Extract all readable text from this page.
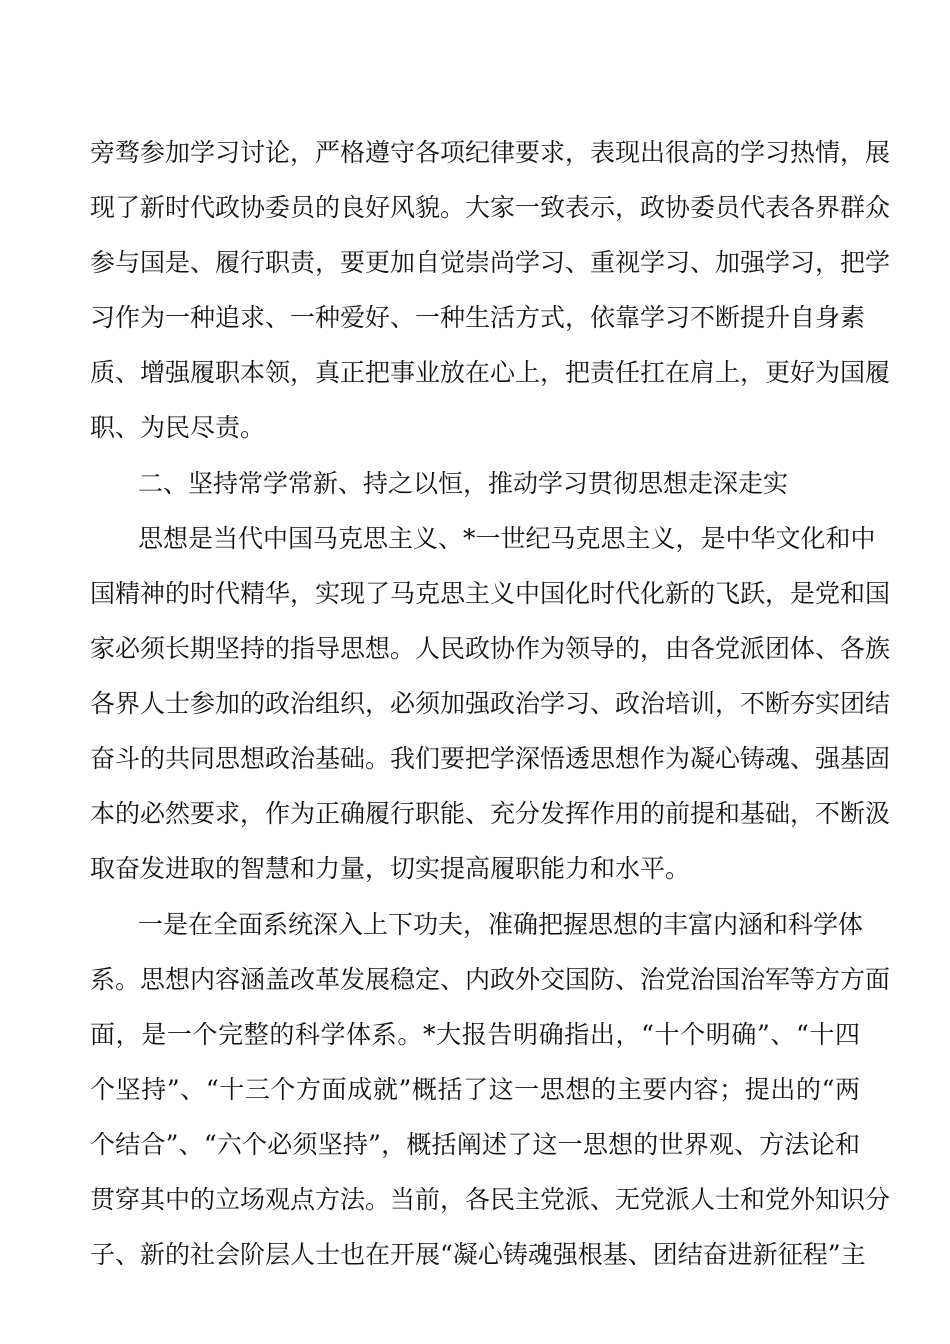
旁骛参加学习讨论，严格遵守各项纪律要求，表现出很高的学习热情，展
现了新时代政协委员的良好风貌。大家一致表示，政协委员代表各界群众
参与国是、履行职责，要更加自觉崇尚学习、重视学习、加强学习，把学
习作为一种追求、一种爱好、一种生活方式，依靠学习不断提升自身素
质、增强履职本领，真正把事业放在心上，把责任扛在肩上，更好为国履
职、为民尽责。
二、坚持常学常新、持之以恒，推动学习贯彻思想走深走实
思想是当代中国马克思主义、*一世纪马克思主义，是中华文化和中
国精神的时代精华，实现了马克思主义中国化时代化新的飞跃，是党和国
家必须长期坚持的指导思想。人民政协作为领导的，由各党派团体、各族
各界人士参加的政治组织，必须加强政治学习、政治培训，不断夯实团结
奋斗的共同思想政治基础。我们要把学深悟透思想作为凝心铸魂、强基固
本的必然要求，作为正确履行职能、充分发挥作用的前提和基础，不断汲
取奋发进取的智慧和力量，切实提高履职能力和水平。
一是在全面系统深入上下功夫，准确把握思想的丰富内涵和科学体
系。思想内容涵盖改革发展稳定、内政外交国防、治党治国治军等方方面
面，是一个完整的科学体系。*大报告明确指出，“十个明确”、“十四
个坚持”、“十三个方面成就”概括了这一思想的主要内容；提出的“两
个结合”、“六个必须坚持”，概括阐述了这一思想的世界观、方法论和
贯穿其中的立场观点方法。当前，各民主党派、无党派人士和党外知识分
子、新的社会阶层人士也在开展“凝心铸魂强根基、团结奋进新征程”主
